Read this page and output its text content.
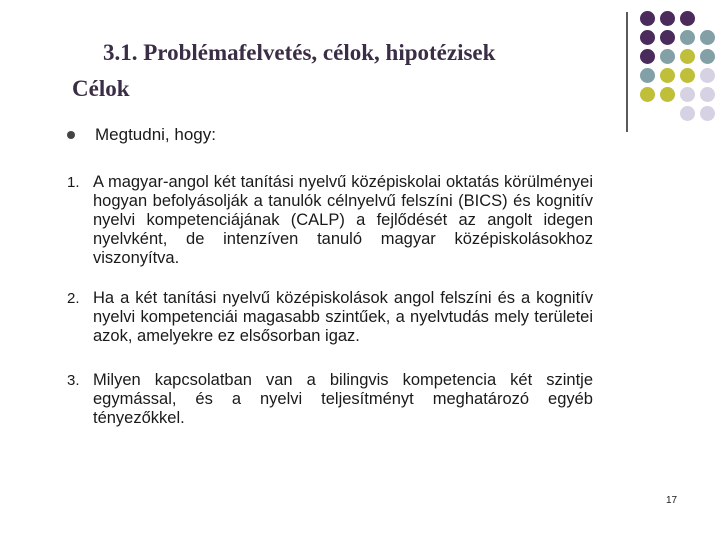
3.1. Problémafelvetés, célok, hipotézisek
Célok
Megtudni, hogy:
1. A magyar-angol két tanítási nyelvű középiskolai oktatás körülményei hogyan befolyásolják a tanulók célnyelvű felszíni (BICS) és kognitív nyelvi kompetenciájának (CALP) a fejlődését az angolt idegen nyelvként, de intenzíven tanuló magyar középiskolásokhoz viszonyítva.
2. Ha a két tanítási nyelvű középiskolások angol felszíni és a kognitív nyelvi kompetenciái magasabb szintűek, a nyelvtudás mely területei azok, amelyekre ez elsősorban igaz.
3. Milyen kapcsolatban van a bilingvis kompetencia két szintje egymással, és a nyelvi teljesítményt meghatározó egyéb tényezőkkel.
17
